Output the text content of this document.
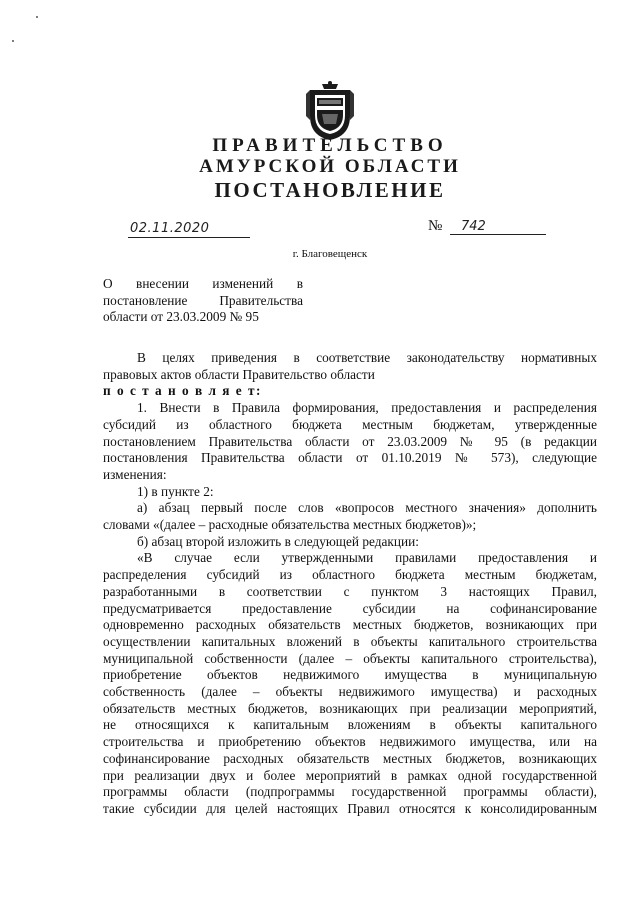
ПРАВИТЕЛЬСТВО
АМУРСКОЙ ОБЛАСТИ
ПОСТАНОВЛЕНИЕ
02.11.2020	№ 742
г. Благовещенск
О внесении изменений в
постановление Правительства
области от 23.03.2009 № 95
В целях приведения в соответствие законодательству нормативных
правовых актов области Правительство области
п о с т а н о в л я е т:
1. Внести в Правила формирования, предоставления и распределения
субсидий из областного бюджета местным бюджетам, утвержденные
постановлением Правительства области от 23.03.2009 № 95 (в редакции
постановления Правительства области от 01.10.2019 № 573), следующие
изменения:
1) в пункте 2:
а) абзац первый после слов «вопросов местного значения» дополнить
словами «(далее – расходные обязательства местных бюджетов)»;
б) абзац второй изложить в следующей редакции:
«В случае если утвержденными правилами предоставления и
распределения субсидий из областного бюджета местным бюджетам,
разработанными в соответствии с пунктом 3 настоящих Правил,
предусматривается предоставление субсидии на софинансирование
одновременно расходных обязательств местных бюджетов, возникающих при
осуществлении капитальных вложений в объекты капитального строительства
муниципальной собственности (далее – объекты капитального строительства),
приобретение объектов недвижимого имущества в муниципальную
собственность (далее – объекты недвижимого имущества) и расходных
обязательств местных бюджетов, возникающих при реализации мероприятий,
не относящихся к капитальным вложениям в объекты капитального
строительства и приобретению объектов недвижимого имущества, или на
софинансирование расходных обязательств местных бюджетов, возникающих
при реализации двух и более мероприятий в рамках одной государственной
программы области (подпрограммы государственной программы области),
такие субсидии для целей настоящих Правил относятся к консолидированным
